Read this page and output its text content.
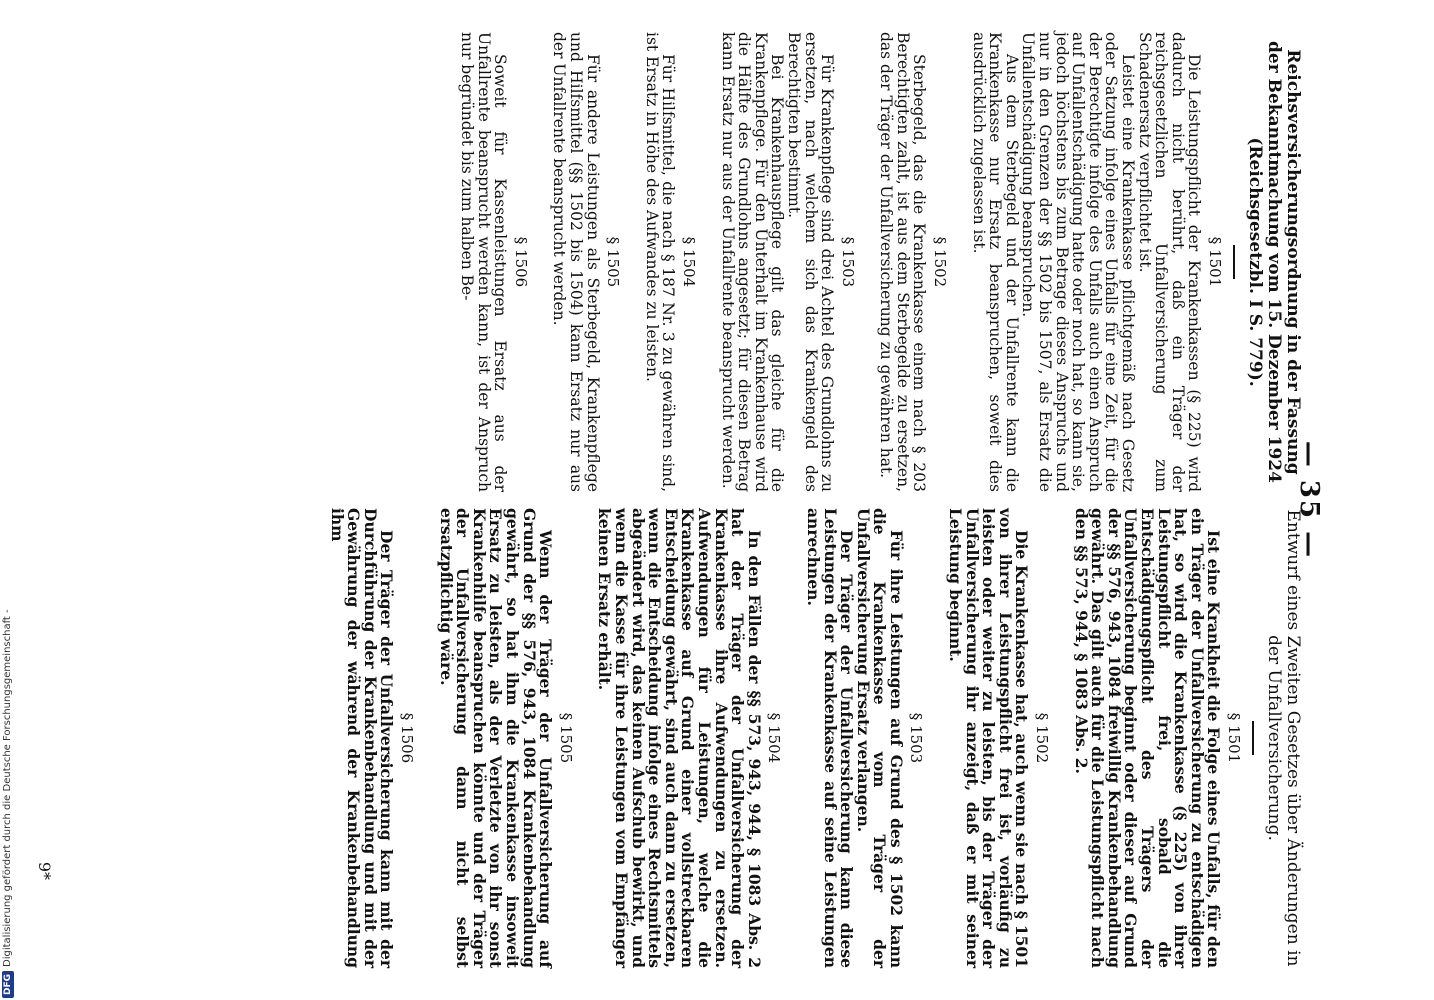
— 35 —
Reichsversicherungsordnung in der Fassung der Bekanntmachung vom 15. Dezember 1924 (Reichsgesetzbl. I S. 779).
§ 1501

Die Leistungspflicht der Krankenkassen (§ 225) wird dadurch nicht berührt, daß ein Träger der reichsgesetzlichen Unfallversicherung zum Schadenersatz verpflichtet ist.

Leistet eine Krankenkasse pflichtgemäß nach Gesetz oder Satzung infolge eines Unfalls für eine Zeit, für die der Berechtigte infolge des Unfalls auch einen Anspruch auf Unfallentschädigung hatte oder noch hat, so kann sie, jedoch höchstens bis zum Betrage dieses Anspruchs und nur in den Grenzen der §§ 1502 bis 1507, als Ersatz die Unfallentschädigung beanspruchen.

Aus dem Sterbegeld und der Unfallrente kann die Krankenkasse nur Ersatz beanspruchen, soweit dies ausdrücklich zugelassen ist.

§ 1502

Sterbegeld, das die Krankenkasse einem nach § 203 Berechtigten zahlt, ist aus dem Sterbegelde zu ersetzen, das der Träger der Unfallversicherung zu gewähren hat.

§ 1503

Für Krankenpflege sind drei Achtel des Grundlohns zu ersetzen, nach welchem sich das Krankengeld des Berechtigten bestimmt.

Bei Krankenhauspflege gilt das gleiche für die Krankenpflege. Für den Unterhalt im Krankenhause wird die Hälfte des Grundlohns angesetzt; für diesen Betrag kann Ersatz nur aus der Unfallrente beansprucht werden.

§ 1504

Für Hilfsmittel, die nach § 187 Nr. 3 zu gewähren sind, ist Ersatz in Höhe des Aufwandes zu leisten.

§ 1505

Für andere Leistungen als Sterbegeld, Krankenpflege und Hilfsmittel (§§ 1502 bis 1504) kann Ersatz nur aus der Unfallrente beansprucht werden.

§ 1506

Soweit für Kassenleistungen Ersatz aus der Unfallrente beansprucht werden kann, ist der Anspruch nur begründet bis zum halben Be-

Entwurf eines Zweiten Gesetzes über Änderungen in der Unfallversicherung.
§ 1501

Ist eine Krankheit die Folge eines Unfalls, für den ein Träger der Unfallversicherung zu entschädigen hat, so wird die Krankenkasse (§ 225) von ihrer Leistungspflicht frei, sobald die Entschädigungspflicht des Trägers der Unfallversicherung beginnt oder dieser auf Grund der §§ 576, 943, 1084 freiwillig Krankenbehandlung gewährt. Das gilt auch für die Leistungspflicht nach den §§ 573, 944, § 1083 Abs. 2.

§ 1502

Die Krankenkasse hat, auch wenn sie nach § 1501 von ihrer Leistungspflicht frei ist, vorläufig zu leisten oder weiter zu leisten, bis der Träger der Unfallversicherung ihr anzeigt, daß er mit seiner Leistung beginnt.

§ 1503

Für ihre Leistungen auf Grund des § 1502 kann die Krankenkasse vom Träger der Unfallversicherung Ersatz verlangen.

Der Träger der Unfallversicherung kann diese Leistungen der Krankenkasse auf seine Leistungen anrechnen.

§ 1504

In den Fällen der §§ 573, 943, 944, § 1083 Abs. 2 hat der Träger der Unfallversicherung der Krankenkasse ihre Aufwendungen zu ersetzen. Aufwendungen für Leistungen, welche die Krankenkasse auf Grund einer vollstreckbaren Entscheidung gewährt, sind auch dann zu ersetzen, wenn die Entscheidung infolge eines Rechtsmittels abgeändert wird, das keinen Aufschub bewirkt, und wenn die Kasse für ihre Leistungen vom Empfänger keinen Ersatz erhält.

§ 1505

Wenn der Träger der Unfallversicherung auf Grund der §§ 576, 943, 1084 Krankenbehandlung gewährt, so hat ihm die Krankenkasse insoweit Ersatz zu leisten, als der Verletzte von ihr sonst Krankenhilfe beanspruchen könnte und der Träger der Unfallversicherung dann nicht selbst ersatzpflichtig wäre.

§ 1506

Der Träger der Unfallversicherung kann mit der Durchführung der Krankenbehandlung und mit der Gewährung der während der Krankenbehandlung ihm

9*
DFGDigitalisierung gefördert durch die Deutsche Forschungsgemeinschaft -
